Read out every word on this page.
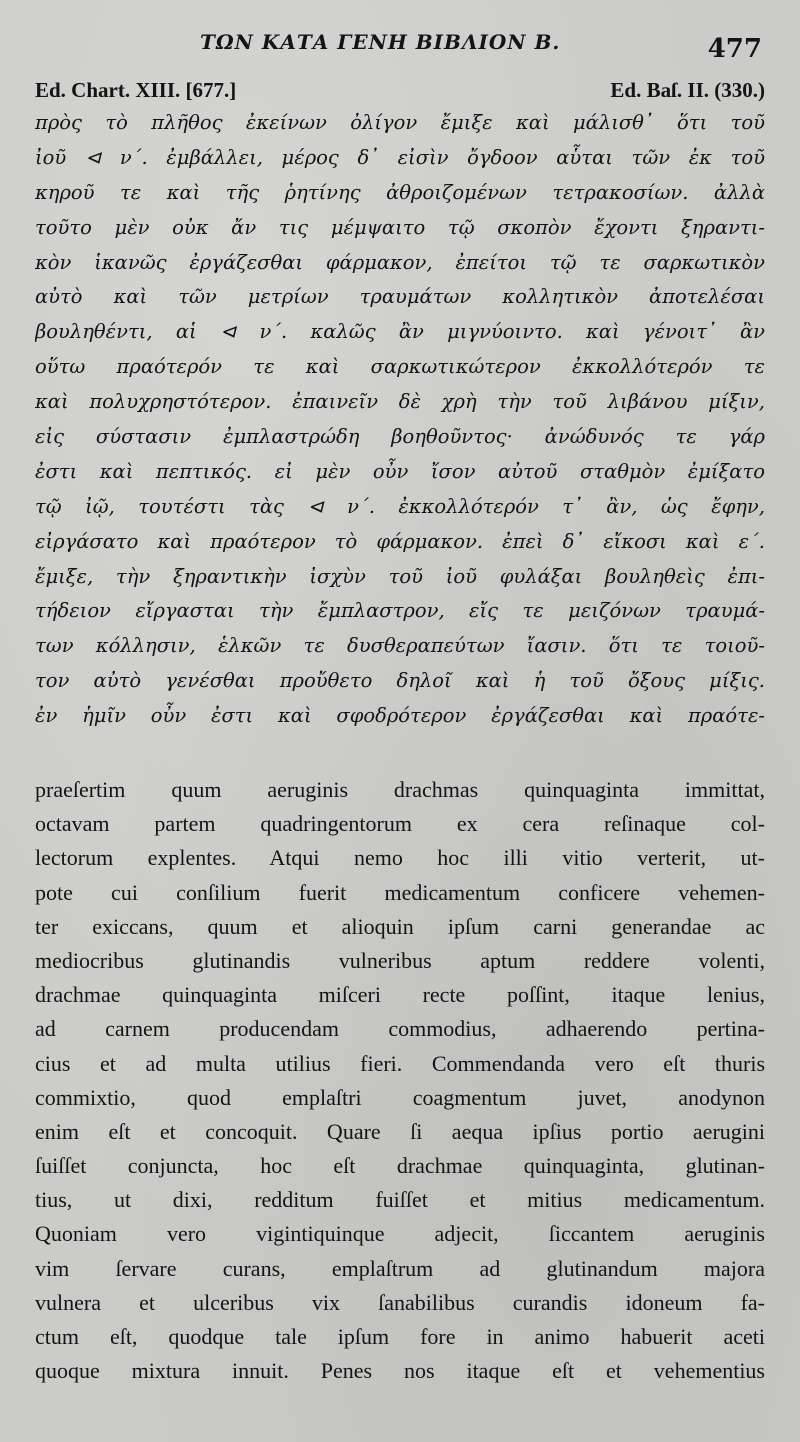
ΤΩΝ ΚΑΤΑ ΓΕΝΗ ΒΙΒΛΙΟΝ Β.	477
Ed. Chart. XIII. [677.]	Ed. Baſ. II. (330.)
πρὸς τὸ πλῆθος ἐκείνων ὀλίγον ἔμιξε καὶ μάλισθ᾽ ὅτι τοῦ
ἰοῦ ⊲ ν΄. ἐμβάλλει, μέρος δ᾽ εἰσὶν ὄγδοον αὗται τῶν ἐκ τοῦ
κηροῦ τε καὶ τῆς ῥητίνης ἀθροιζομένων τετρακοσίων. ἀλλὰ
τοῦτο μὲν οὐκ ἄν τις μέμψαιτο τῷ σκοπὸν ἔχοντι ξηραντι-
κὸν ἱκανῶς ἐργάζεσθαι φάρμακον, ἐπείτοι τῷ τε σαρκωτικὸν
αὐτὸ καὶ τῶν μετρίων τραυμάτων κολλητικὸν ἀποτελέσαι
βουληθέντι, αἱ ⊲ ν΄. καλῶς ἂν μιγνύοιντο. καὶ γένοιτ᾽ ἂν
οὕτω πραότερόν τε καὶ σαρκωτικώτερον ἐκκολλότερόν τε
καὶ πολυχρηστότερον. ἐπαινεῖν δὲ χρὴ τὴν τοῦ λιβάνου μίξιν,
εἰς σύστασιν ἐμπλαστρώδη βοηθοῦντος· ἀνώδυνός τε γάρ
ἐστι καὶ πεπτικός. εἰ μὲν οὖν ἴσον αὐτοῦ σταθμὸν ἐμίξατο
τῷ ἰῷ, τουτέστι τὰς ⊲ ν΄. ἐκκολλότερόν τ᾽ ἂν, ὡς ἔφην,
εἰργάσατο καὶ πραότερον τὸ φάρμακον. ἐπεὶ δ᾽ εἴκοσι καὶ ε΄.
ἔμιξε, τὴν ξηραντικὴν ἰσχὺν τοῦ ἰοῦ φυλάξαι βουληθεὶς ἐπι-
τήδειον εἴργασται τὴν ἔμπλαστρον, εἴς τε μειζόνων τραυμά-
των κόλλησιν, ἑλκῶν τε δυσθεραπεύτων ἴασιν. ὅτι τε τοιοῦ-
τον αὐτὸ γενέσθαι προὔθετο δηλοῖ καὶ ἡ τοῦ ὄξους μίξις.
ἐν ἡμῖν οὖν ἐστι καὶ σφοδρότερον ἐργάζεσθαι καὶ πραότε-
praeſertim quum aeruginis drachmas quinquaginta immittat,
octavam partem quadringentorum ex cera reſinaque col-
lectorum explentes. Atqui nemo hoc illi vitio verterit, ut-
pote cui conſilium fuerit medicamentum conficere vehemen-
ter exiccans, quum et alioquin ipſum carni generandae ac
mediocribus glutinandis vulneribus aptum reddere volenti,
drachmae quinquaginta miſceri recte poſſint, itaque lenius,
ad carnem producendam commodius, adhaerendo pertina-
cius et ad multa utilius fieri. Commendanda vero eſt thuris
commixtio, quod emplaſtri coagmentum juvet, anodynon
enim eſt et concoquit. Quare ſi aequa ipſius portio aerugini
ſuiſſet conjuncta, hoc eſt drachmae quinquaginta, glutinan-
tius, ut dixi, redditum fuiſſet et mitius medicamentum.
Quoniam vero vigintiquinque adjecit, ſiccantem aeruginis
vim ſervare curans, emplaſtrum ad glutinandum majora
vulnera et ulceribus vix ſanabilibus curandis idoneum fa-
ctum eſt, quodque tale ipſum fore in animo habuerit aceti
quoque mixtura innuit. Penes nos itaque eſt et vehementius
